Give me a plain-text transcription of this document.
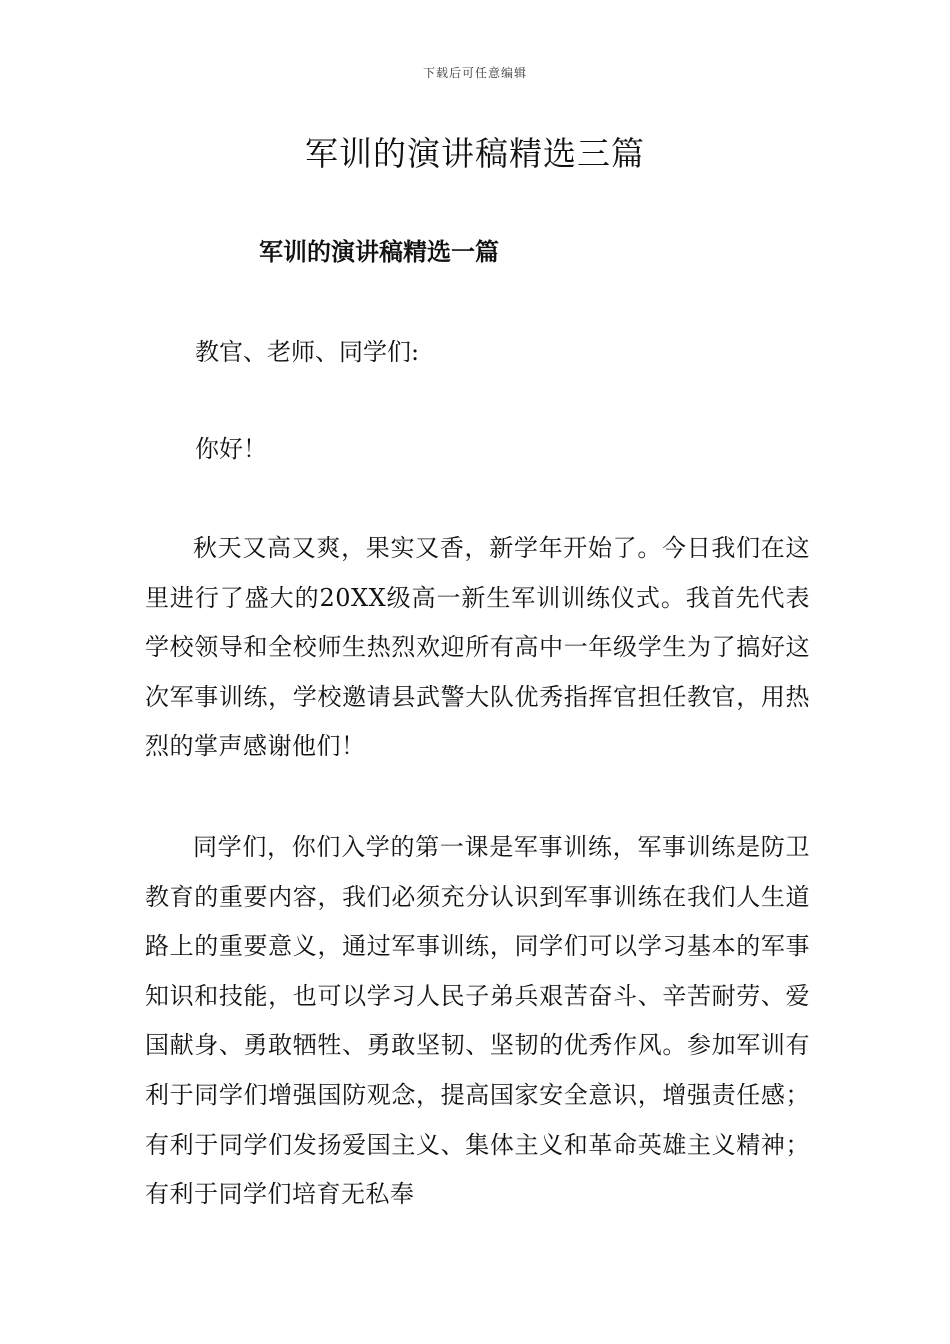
下载后可任意编辑
军训的演讲稿精选三篇
军训的演讲稿精选一篇
教官、老师、同学们:
你好！

秋天又高又爽，果实又香，新学年开始了。今日我们在这里进行了盛大的20XX级高一新生军训训练仪式。我首先代表学校领导和全校师生热烈欢迎所有高中一年级学生为了搞好这次军事训练，学校邀请县武警大队优秀指挥官担任教官，用热烈的掌声感谢他们！

同学们，你们入学的第一课是军事训练，军事训练是防卫教育的重要内容，我们必须充分认识到军事训练在我们人生道路上的重要意义，通过军事训练，同学们可以学习基本的军事知识和技能，也可以学习人民子弟兵艰苦奋斗、辛苦耐劳、爱国献身、勇敢牺牲、勇敢坚韧、坚韧的优秀作风。参加军训有利于同学们增强国防观念，提高国家安全意识，增强责任感；有利于同学们发扬爱国主义、集体主义和革命英雄主义精神；有利于同学们培育无私奉
